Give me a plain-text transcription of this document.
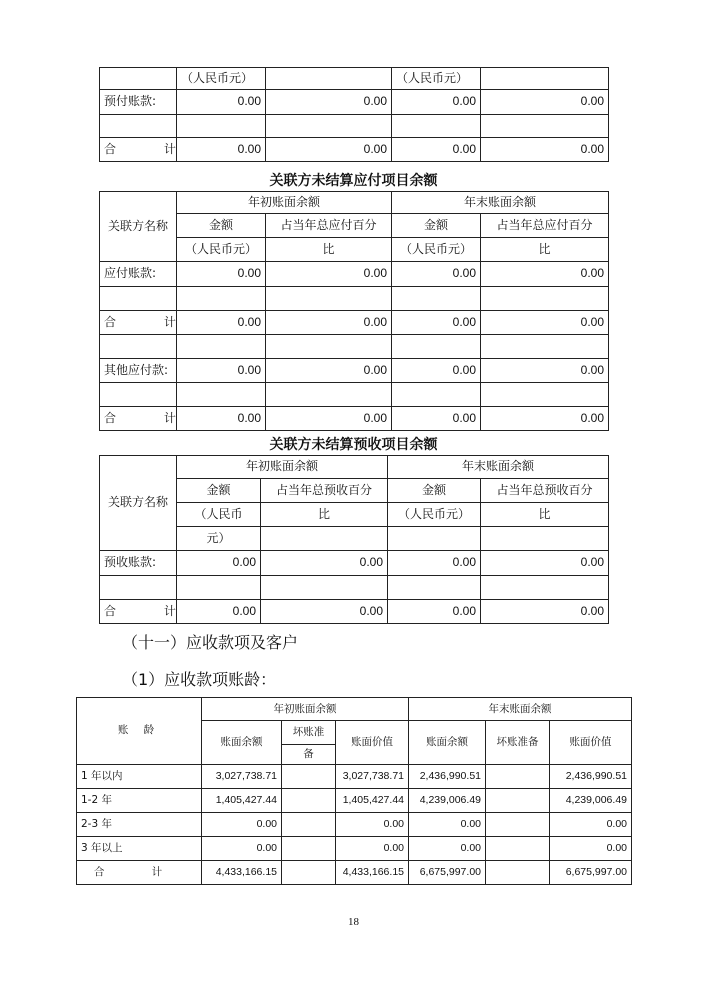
	（人民币元）		（人民币元）	
预付账款:	0.00	0.00	0.00	0.00

合 计	0.00	0.00	0.00	0.00
关联方未结算应付项目余额
关联方名称	年初账面余额		年末账面余额	
	金额	占当年总应付百分	金额	占当年总应付百分
	（人民币元）	比	（人民币元）	比
应付账款:	0.00	0.00	0.00	0.00

合 计	0.00	0.00	0.00	0.00

其他应付款:	0.00	0.00	0.00	0.00

合 计	0.00	0.00	0.00	0.00
关联方未结算预收项目余额
关联方名称	年初账面余额		年末账面余额	
	金额	占当年总预收百分	金额	占当年总预收百分
	（人民币	比	（人民币元）	比
	元）			
预收账款:	0.00	0.00	0.00	0.00

合 计	0.00	0.00	0.00	0.00
（十一）应收款项及客户
（1）应收款项账龄：
账 龄	年初账面余额			年末账面余额		
	账面余额	坏账准	账面价值	账面余额	坏账准备	账面价值
		备				
1 年以内	3,027,738.71		3,027,738.71	2,436,990.51		2,436,990.51
1-2 年	1,405,427.44		1,405,427.44	4,239,006.49		4,239,006.49
2-3 年	0.00		0.00	0.00		0.00
3 年以上	0.00		0.00	0.00		0.00
合 计	4,433,166.15		4,433,166.15	6,675,997.00		6,675,997.00
18
